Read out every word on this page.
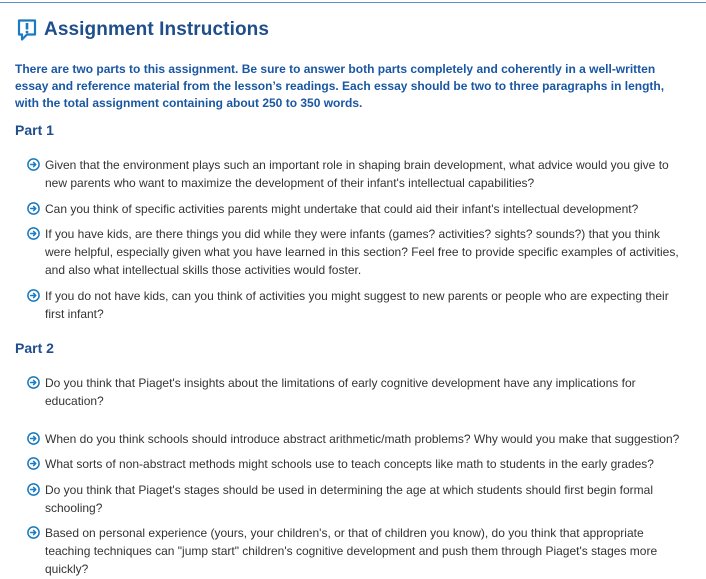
Assignment Instructions
There are two parts to this assignment. Be sure to answer both parts completely and coherently in a well-written essay and reference material from the lesson’s readings. Each essay should be two to three paragraphs in length, with the total assignment containing about 250 to 350 words.
Part 1
Given that the environment plays such an important role in shaping brain development, what advice would you give to new parents who want to maximize the development of their infant's intellectual capabilities?
Can you think of specific activities parents might undertake that could aid their infant's intellectual development?
If you have kids, are there things you did while they were infants (games? activities? sights? sounds?) that you think were helpful, especially given what you have learned in this section? Feel free to provide specific examples of activities, and also what intellectual skills those activities would foster.
If you do not have kids, can you think of activities you might suggest to new parents or people who are expecting their first infant?
Part 2
Do you think that Piaget's insights about the limitations of early cognitive development have any implications for education?
When do you think schools should introduce abstract arithmetic/math problems? Why would you make that suggestion?
What sorts of non-abstract methods might schools use to teach concepts like math to students in the early grades?
Do you think that Piaget's stages should be used in determining the age at which students should first begin formal schooling?
Based on personal experience (yours, your children's, or that of children you know), do you think that appropriate teaching techniques can "jump start" children's cognitive development and push them through Piaget's stages more quickly?
